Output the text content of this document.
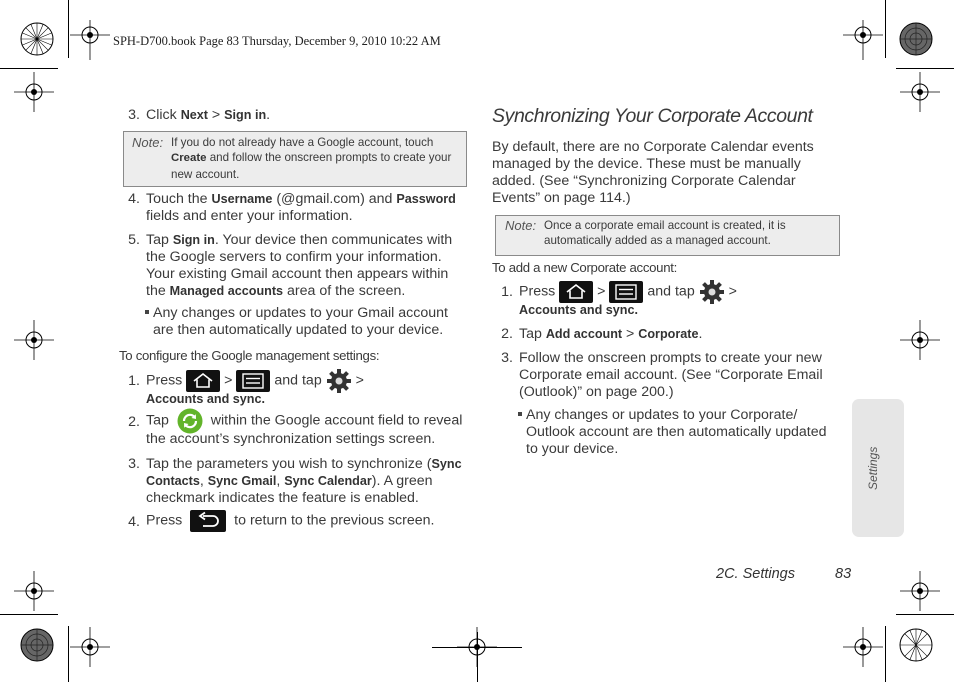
SPH-D700.book Page 83 Thursday, December 9, 2010 10:22 AM
3. Click Next > Sign in.
Note: If you do not already have a Google account, touch
Create and follow the onscreen prompts to create your
new account.
4. Touch the Username (@gmail.com) and Password
fields and enter your information.
5. Tap Sign in. Your device then communicates with
the Google servers to confirm your information.
Your existing Gmail account then appears within
the Managed accounts area of the screen.
Any changes or updates to your Gmail account
are then automatically updated to your device.
To configure the Google management settings:
1. Press	>	and tap >
Accounts and sync.
2. Tap	within the Google account field to reveal
the account’s synchronization settings screen.
3. Tap the parameters you wish to synchronize (Sync
Contacts, Sync Gmail, Sync Calendar). A green
checkmark indicates the feature is enabled.
4. Press	to return to the previous screen.
Synchronizing Your Corporate Account
By default, there are no Corporate Calendar events
managed by the device. These must be manually
added. (See “Synchronizing Corporate Calendar
Events” on page 114.)
Note: Once a corporate email account is created, it is
automatically added as a managed account.
To add a new Corporate account:
1. Press	>	and tap >
Accounts and sync.
2. Tap Add account > Corporate.
3. Follow the onscreen prompts to create your new
Corporate email account. (See “Corporate Email
(Outlook)” on page 200.)
Any changes or updates to your Corporate/
Outlook account are then automatically updated
to your device.	Settings
2C. Settings	83
